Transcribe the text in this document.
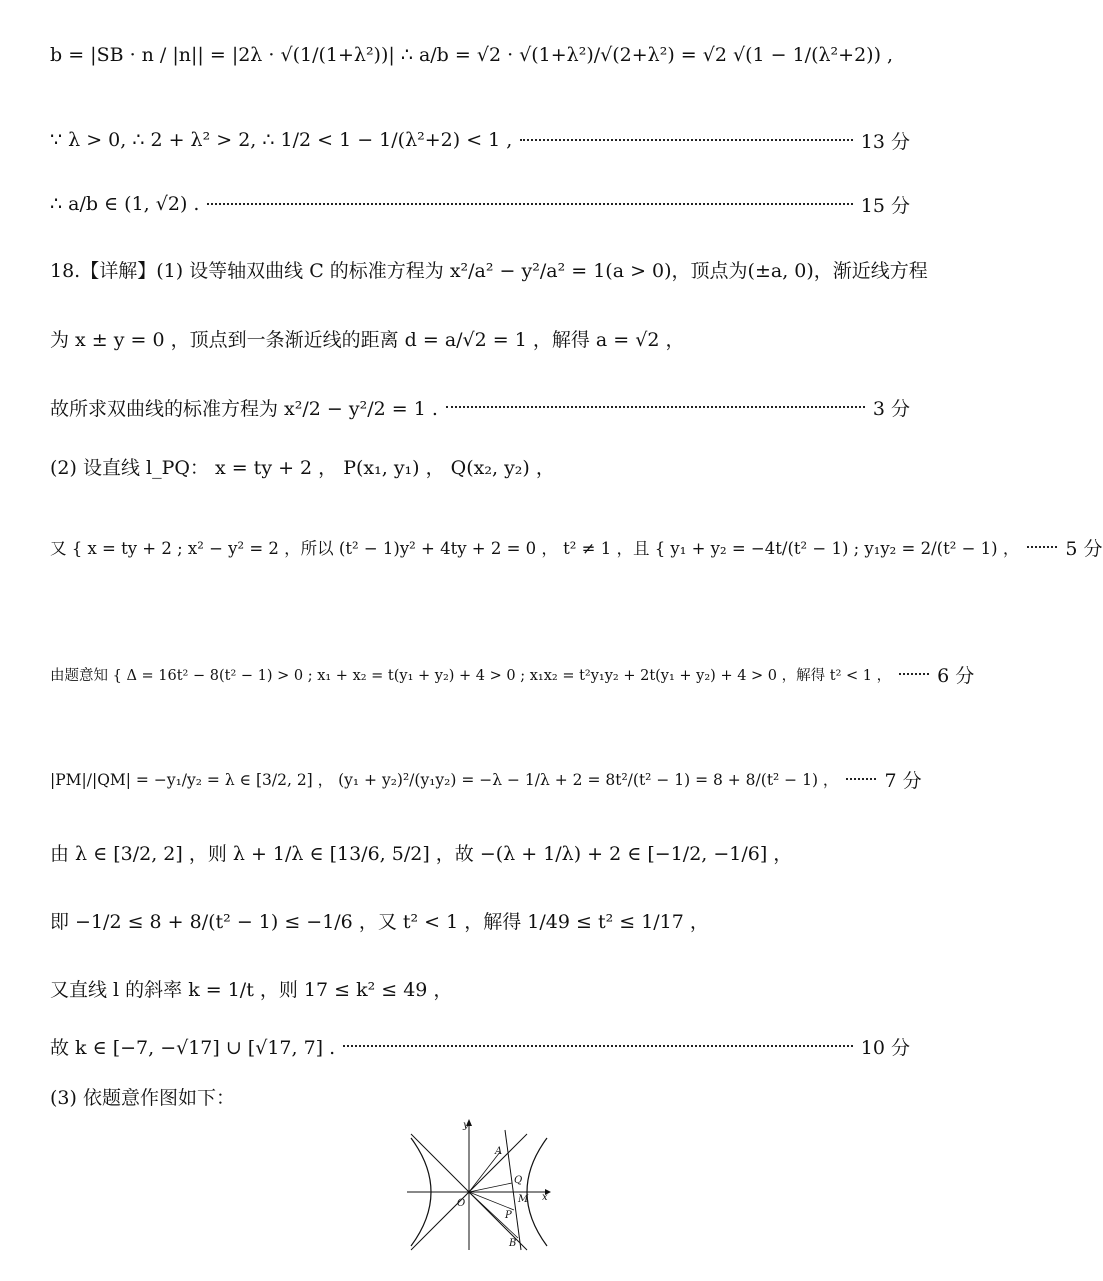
b = |SB · n / |n|| = |2λ · √(1/(1+λ²))| ∴ a/b = √2 · √(1+λ²)/√(2+λ²) = √2 √(1 − 1/(λ²+2)) ,
∵ λ > 0, ∴ 2 + λ² > 2, ∴ 1/2 < 1 − 1/(λ²+2) < 1 ,	13 分
∴ a/b ∈ (1, √2) .	15 分
18.【详解】(1) 设等轴双曲线 C 的标准方程为 x²/a² − y²/a² = 1(a > 0)，顶点为(±a, 0)，渐近线方程
为 x ± y = 0 ，顶点到一条渐近线的距离 d = a/√2 = 1 ，解得 a = √2 ，
故所求双曲线的标准方程为 x²/2 − y²/2 = 1 .	3 分
(2) 设直线 l_PQ： x = ty + 2 ， P(x₁, y₁) ， Q(x₂, y₂) ，
又 { x = ty + 2 ; x² − y² = 2 ，所以 (t² − 1)y² + 4ty + 2 = 0 ， t² ≠ 1 ，且 { y₁ + y₂ = −4t/(t² − 1) ; y₁y₂ = 2/(t² − 1) ， 5 分
由题意知 { Δ = 16t² − 8(t² − 1) > 0 ; x₁ + x₂ = t(y₁ + y₂) + 4 > 0 ; x₁x₂ = t²y₁y₂ + 2t(y₁ + y₂) + 4 > 0 ，解得 t² < 1 ， 6 分
|PM|/|QM| = −y₁/y₂ = λ ∈ [3/2, 2] ， (y₁ + y₂)²/(y₁y₂) = −λ − 1/λ + 2 = 8t²/(t² − 1) = 8 + 8/(t² − 1) ， 7 分
由 λ ∈ [3/2, 2] ，则 λ + 1/λ ∈ [13/6, 5/2] ，故 −(λ + 1/λ) + 2 ∈ [−1/2, −1/6] ，
即 −1/2 ≤ 8 + 8/(t² − 1) ≤ −1/6 ，又 t² < 1 ，解得 1/49 ≤ t² ≤ 1/17 ，
又直线 l 的斜率 k = 1/t ，则 17 ≤ k² ≤ 49 ，
故 k ∈ [−7, −√17] ∪ [√17, 7] .	10 分
(3) 依题意作图如下：
y
x
O
A
Q
M
P
B
